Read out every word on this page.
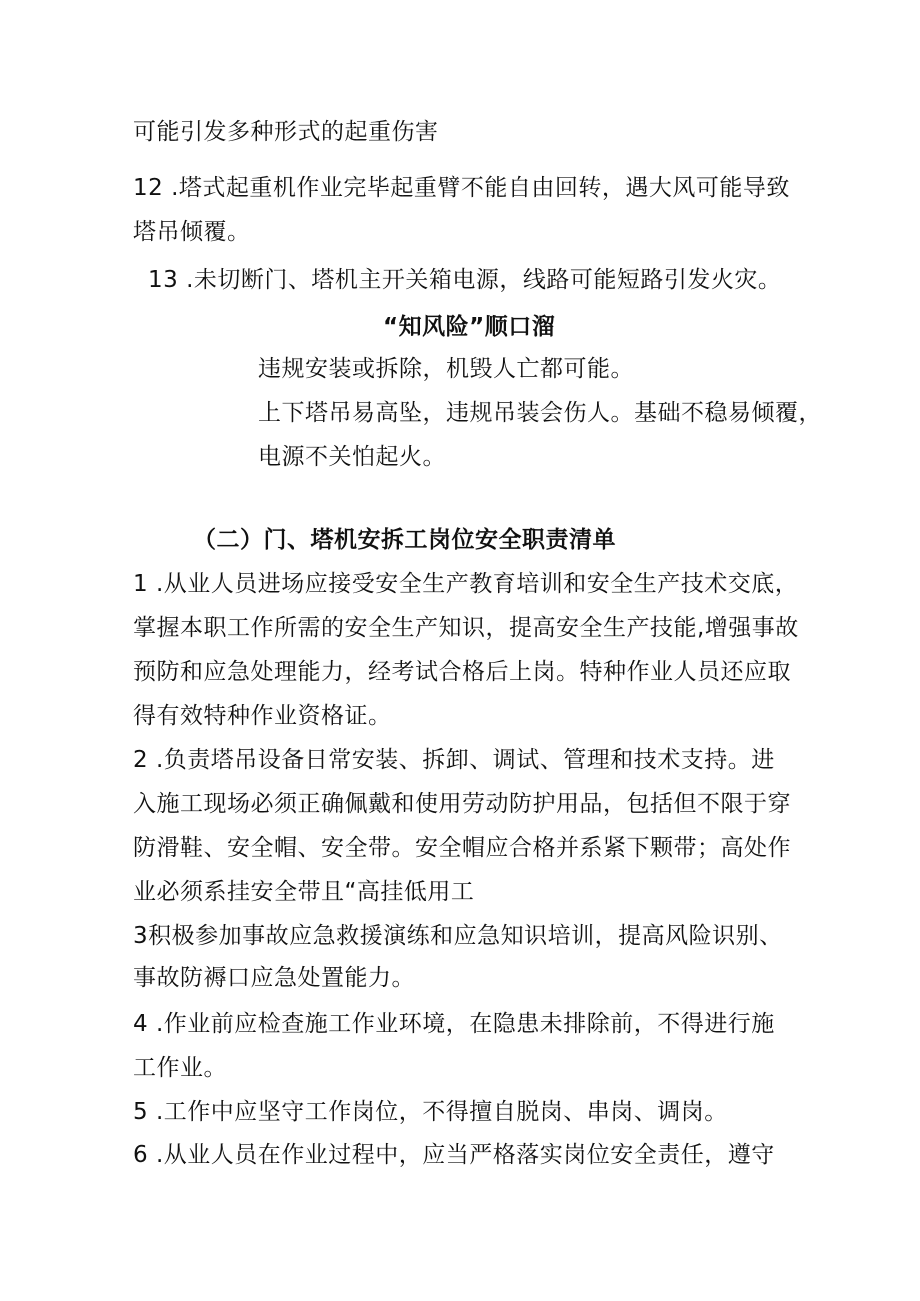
可能引发多种形式的起重伤害
12 .塔式起重机作业完毕起重臂不能自由回转，遇大风可能导致
塔吊倾覆。
13 .未切断门、塔机主开关箱电源，线路可能短路引发火灾。
“知风险”顺口溜
违规安装或拆除，机毁人亡都可能。
上下塔吊易高坠，违规吊装会伤人。基础不稳易倾覆，
电源不关怕起火。
（二）门、塔机安拆工岗位安全职责清单
1 .从业人员进场应接受安全生产教育培训和安全生产技术交底，
掌握本职工作所需的安全生产知识，提高安全生产技能,增强事故
预防和应急处理能力，经考试合格后上岗。特种作业人员还应取
得有效特种作业资格证。
2 .负责塔吊设备日常安装、拆卸、调试、管理和技术支持。进
入施工现场必须正确佩戴和使用劳动防护用品，包括但不限于穿
防滑鞋、安全帽、安全带。安全帽应合格并系紧下颗带；高处作
业必须系挂安全带且“高挂低用工
3积极参加事故应急救援演练和应急知识培训，提高风险识别、
事故防褥口应急处置能力。
4 .作业前应检查施工作业环境，在隐患未排除前，不得进行施
工作业。
5 .工作中应坚守工作岗位，不得擅自脱岗、串岗、调岗。
6 .从业人员在作业过程中，应当严格落实岗位安全责任，遵守
